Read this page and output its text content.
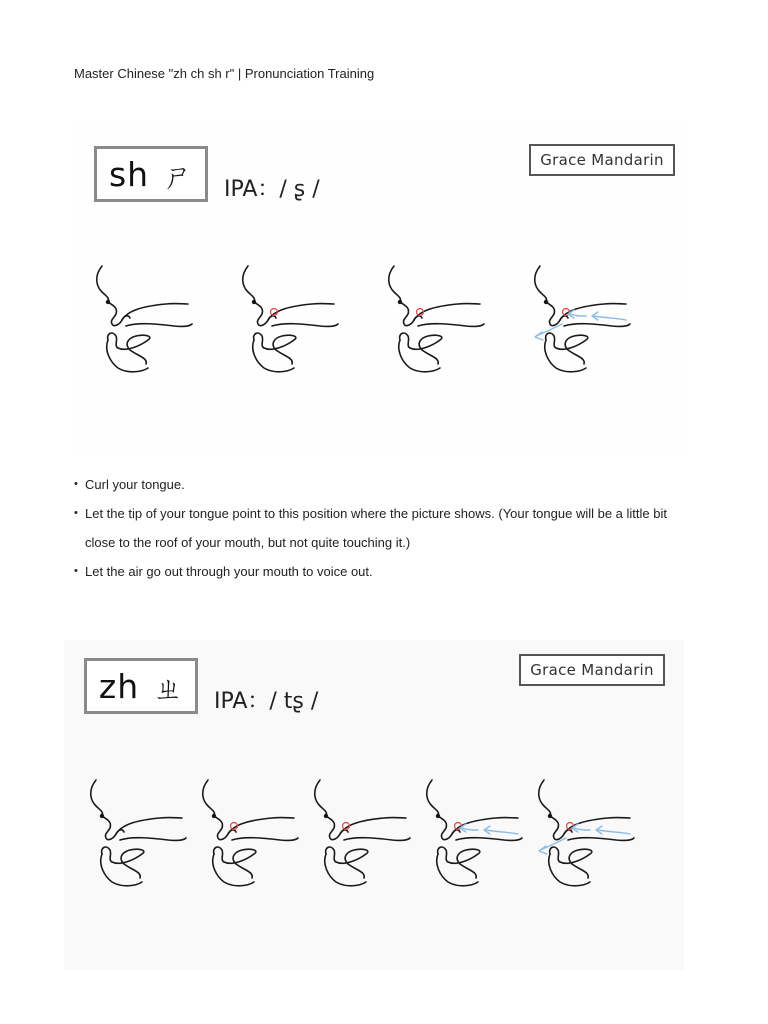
Master Chinese "zh ch sh r" | Pronunciation Training
sh ㄕ IPA：/ ʂ /
Grace Mandarin
• Curl your tongue.
• Let the tip of your tongue point to this position where the picture shows. (Your tongue will be a little bit close to the roof of your mouth, but not quite touching it.)
• Let the air go out through your mouth to voice out.
zh ㄓ IPA：/ tʂ /
Grace Mandarin
